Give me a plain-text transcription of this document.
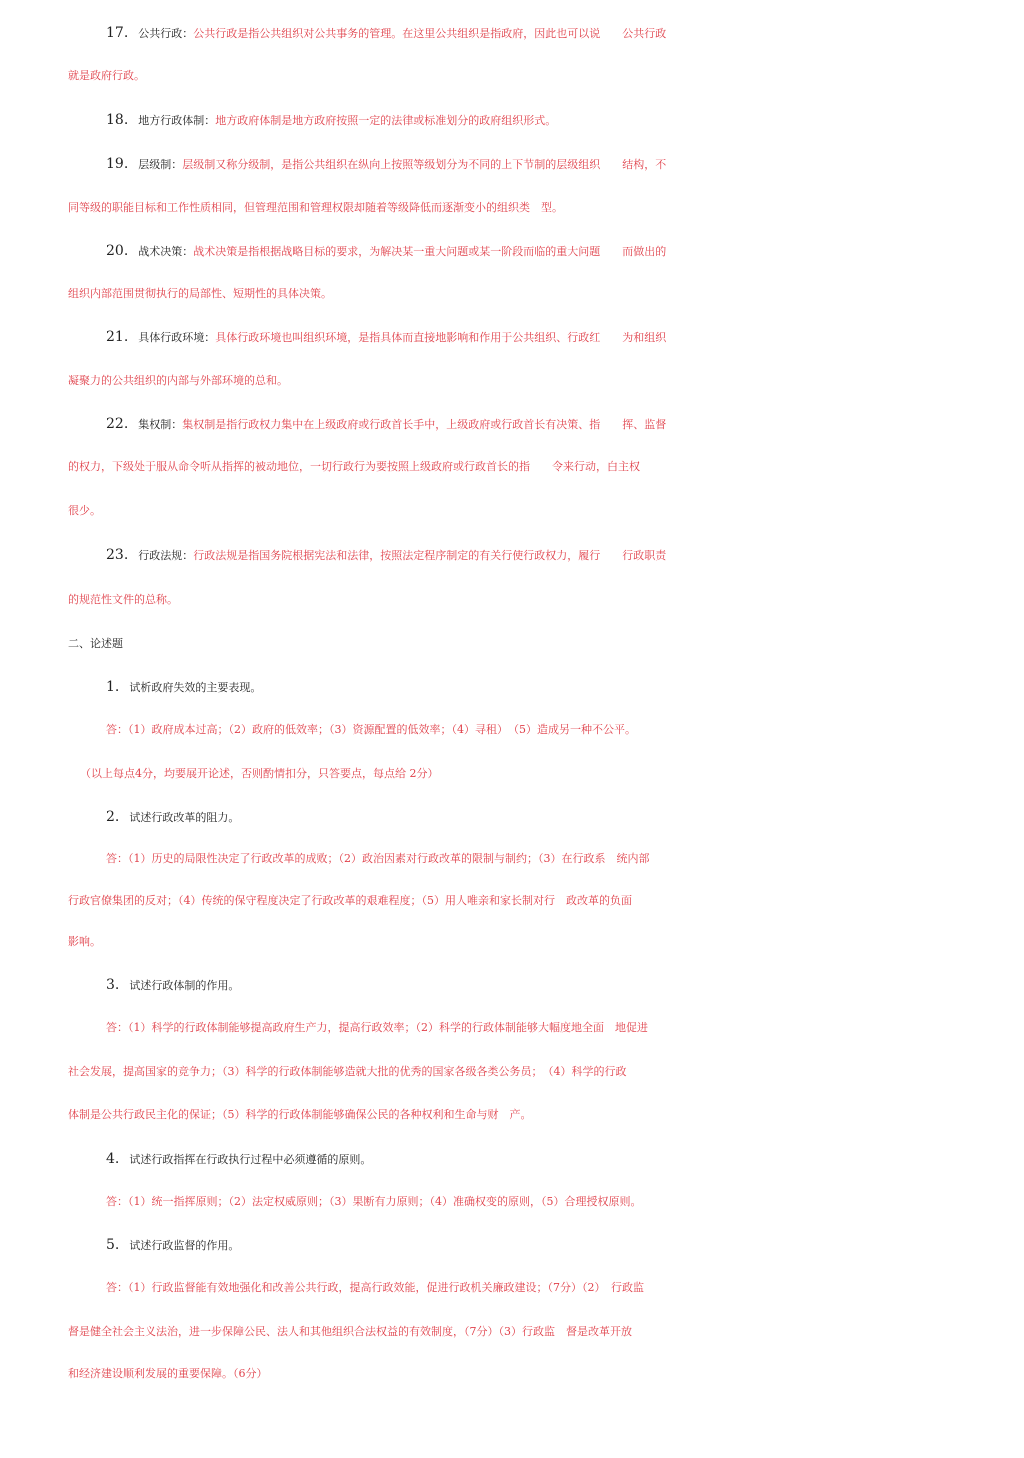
17. 公共行政：公共行政是指公共组织对公共事务的管理。在这里公共组织是指政府，因此也可以说　　公共行政
就是政府行政。
18. 地方行政体制：地方政府体制是地方政府按照一定的法律或标准划分的政府组织形式。
19. 层级制：层级制又称分级制，是指公共组织在纵向上按照等级划分为不同的上下节制的层级组织　　结构，不
同等级的职能目标和工作性质相同，但管理范围和管理权限却随着等级降低而逐渐变小的组织类　型。
20. 战术决策：战术决策是指根据战略目标的要求，为解决某一重大问题或某一阶段而临的重大问题　　而做出的
组织内部范围贯彻执行的局部性、短期性的具体决策。
21. 具体行政环境：具体行政环境也叫组织环境，是指具体而直接地影响和作用于公共组织、行政红　　为和组织
凝聚力的公共组织的内部与外部环境的总和。
22. 集权制：集权制是指行政权力集中在上级政府或行政首长手中，上级政府或行政首长有决策、指　　挥、监督
的权力，下级处于服从命令听从指挥的被动地位，一切行政行为要按照上级政府或行政首长的指　　令来行动，白主权
很少。
23. 行政法规：行政法规是指国务院根据宪法和法律，按照法定程序制定的有关行使行政权力，履行　　行政职责
的规范性文件的总称。
二、论述题
1. 试析政府失效的主要表现。
答：（1）政府成本过高；（2）政府的低效率；（3）资源配置的低效率；（4）寻租）　（5）造成另一种不公平。
（以上每点4分，均要展开论述，否则酌情扣分，只答要点，每点给 2分）
2. 试述行政改革的阻力。
答：（1）历史的局限性决定了行政改革的成败；（2）政治因素对行政改革的限制与制约；（3）在行政系　统内部
行政官僚集团的反对；（4）传统的保守程度决定了行政改革的艰难程度；（5）用人唯亲和家长制对行　政改革的负面
影响。
3. 试述行政体制的作用。
答：（1）科学的行政体制能够提高政府生产力，提高行政效率；（2）科学的行政体制能够大幅度地全面　地促进
社会发展，提高国家的竞争力；（3）科学的行政体制能够造就大批的优秀的国家各级各类公务员；　（4）科学的行政
体制是公共行政民主化的保证；（5）科学的行政体制能够确保公民的各种权利和生命与财　产。
4. 试述行政指挥在行政执行过程中必须遵循的原则。
答：（1）统一指挥原则；（2）法定权威原则；（3）果断有力原则；（4）准确权变的原则，（5）合理授权原则。
5. 试述行政监督的作用。
答：（1）行政监督能有效地强化和改善公共行政，提高行政效能，促进行政机关廉政建设；（7分）（2）　行政监
督是健全社会主义法治，进一步保障公民、法人和其他组织合法权益的有效制度，（7分）（3）行政监　督是改革开放
和经济建设顺利发展的重要保障。（6分）
